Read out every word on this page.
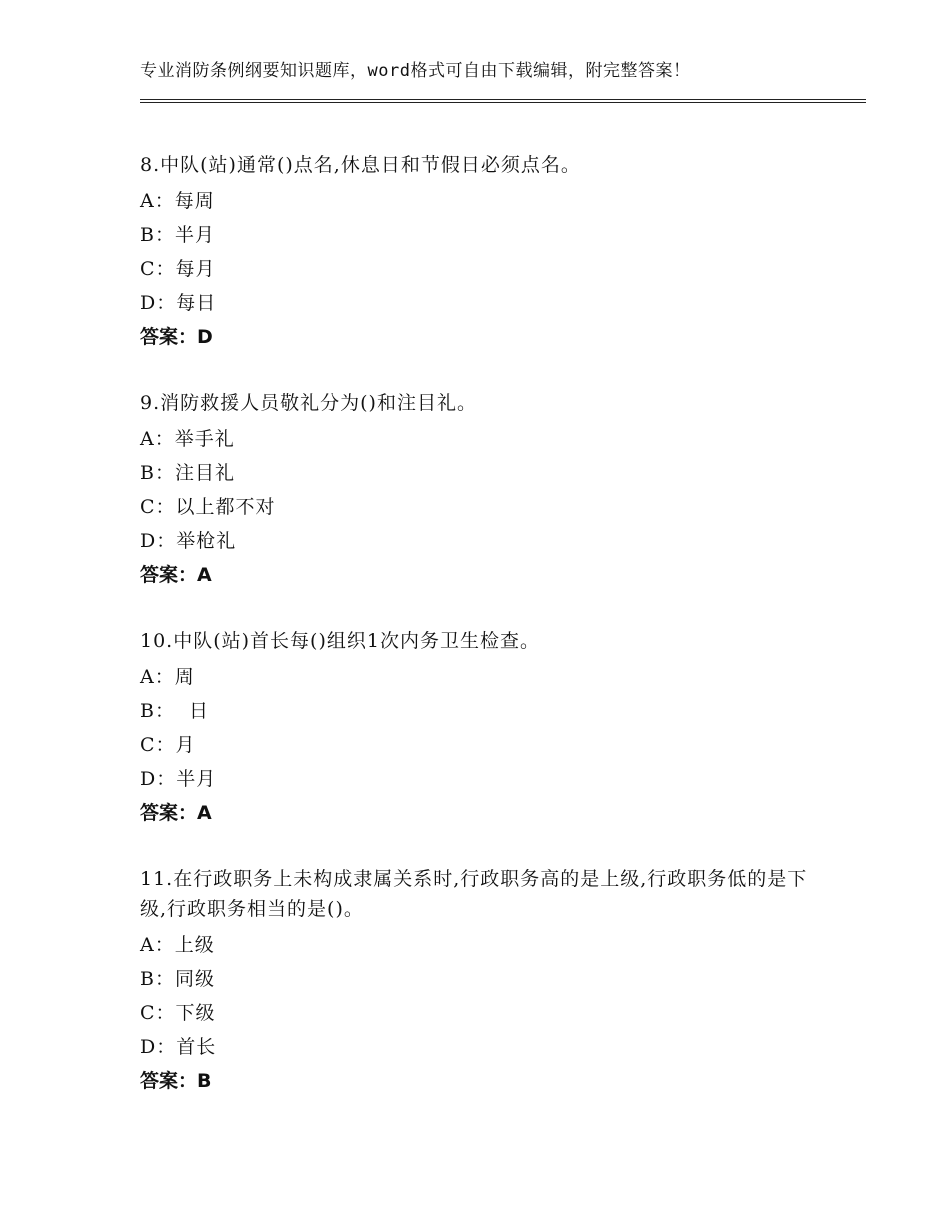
专业消防条例纲要知识题库，word格式可自由下载编辑，附完整答案！
8.中队(站)通常()点名,休息日和节假日必须点名。
A：每周
B：半月
C：每月
D：每日
答案：D
9.消防救援人员敬礼分为()和注目礼。
A：举手礼
B：注目礼
C：以上都不对
D：举枪礼
答案：A
10.中队(站)首长每()组织1次内务卫生检查。
A：周
B：  日
C：月
D：半月
答案：A
11.在行政职务上未构成隶属关系时,行政职务高的是上级,行政职务低的是下级,行政职务相当的是()。
A：上级
B：同级
C：下级
D：首长
答案：B
